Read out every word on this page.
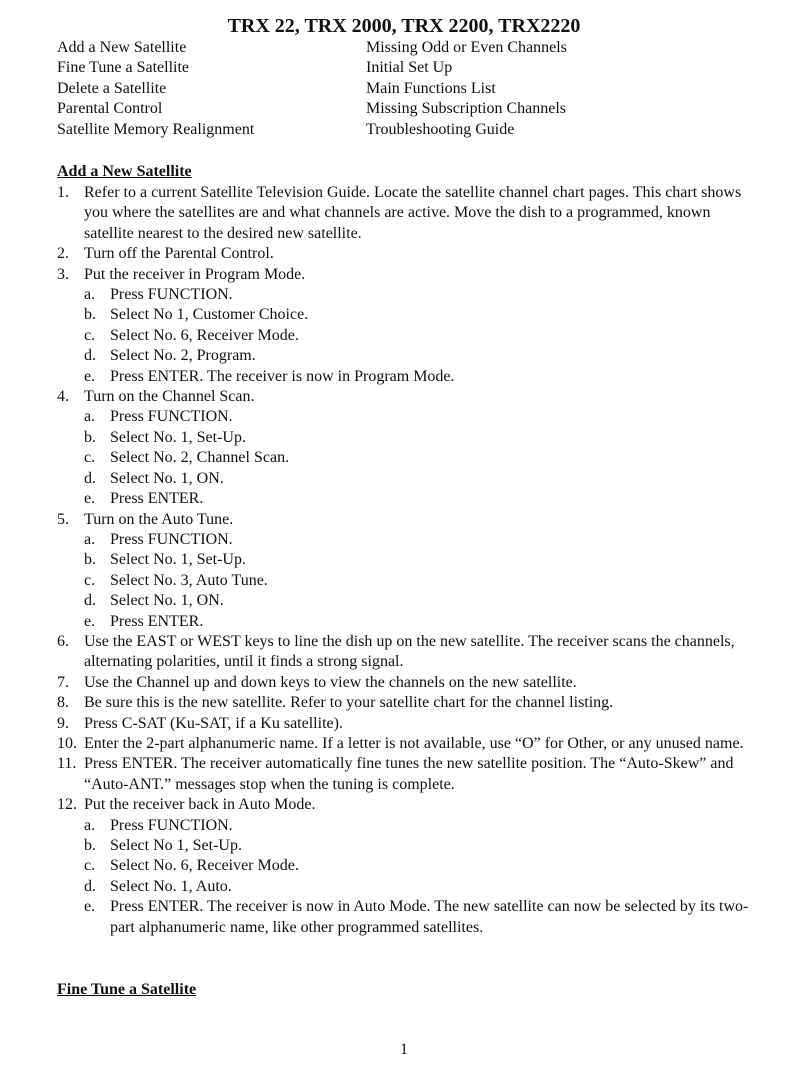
TRX 22, TRX 2000, TRX 2200, TRX2220
Add a New Satellite
Fine Tune a Satellite
Delete a Satellite
Parental Control
Satellite Memory Realignment
Missing Odd or Even Channels
Initial Set Up
Main Functions List
Missing Subscription Channels
Troubleshooting Guide
Add a New Satellite
1. Refer to a current Satellite Television Guide. Locate the satellite channel chart pages. This chart shows you where the satellites are and what channels are active. Move the dish to a programmed, known satellite nearest to the desired new satellite.
2. Turn off the Parental Control.
3. Put the receiver in Program Mode.
a. Press FUNCTION.
b. Select No 1, Customer Choice.
c. Select No. 6, Receiver Mode.
d. Select No. 2, Program.
e. Press ENTER. The receiver is now in Program Mode.
4. Turn on the Channel Scan.
a. Press FUNCTION.
b. Select No. 1, Set-Up.
c. Select No. 2, Channel Scan.
d. Select No. 1, ON.
e. Press ENTER.
5. Turn on the Auto Tune.
a. Press FUNCTION.
b. Select No. 1, Set-Up.
c. Select No. 3, Auto Tune.
d. Select No. 1, ON.
e. Press ENTER.
6. Use the EAST or WEST keys to line the dish up on the new satellite. The receiver scans the channels, alternating polarities, until it finds a strong signal.
7. Use the Channel up and down keys to view the channels on the new satellite.
8. Be sure this is the new satellite. Refer to your satellite chart for the channel listing.
9. Press C-SAT (Ku-SAT, if a Ku satellite).
10. Enter the 2-part alphanumeric name. If a letter is not available, use “O” for Other, or any unused name.
11. Press ENTER. The receiver automatically fine tunes the new satellite position. The “Auto-Skew” and “Auto-ANT.” messages stop when the tuning is complete.
12. Put the receiver back in Auto Mode.
a. Press FUNCTION.
b. Select No 1, Set-Up.
c. Select No. 6, Receiver Mode.
d. Select No. 1, Auto.
e. Press ENTER. The receiver is now in Auto Mode. The new satellite can now be selected by its two-part alphanumeric name, like other programmed satellites.
Fine Tune a Satellite
1
